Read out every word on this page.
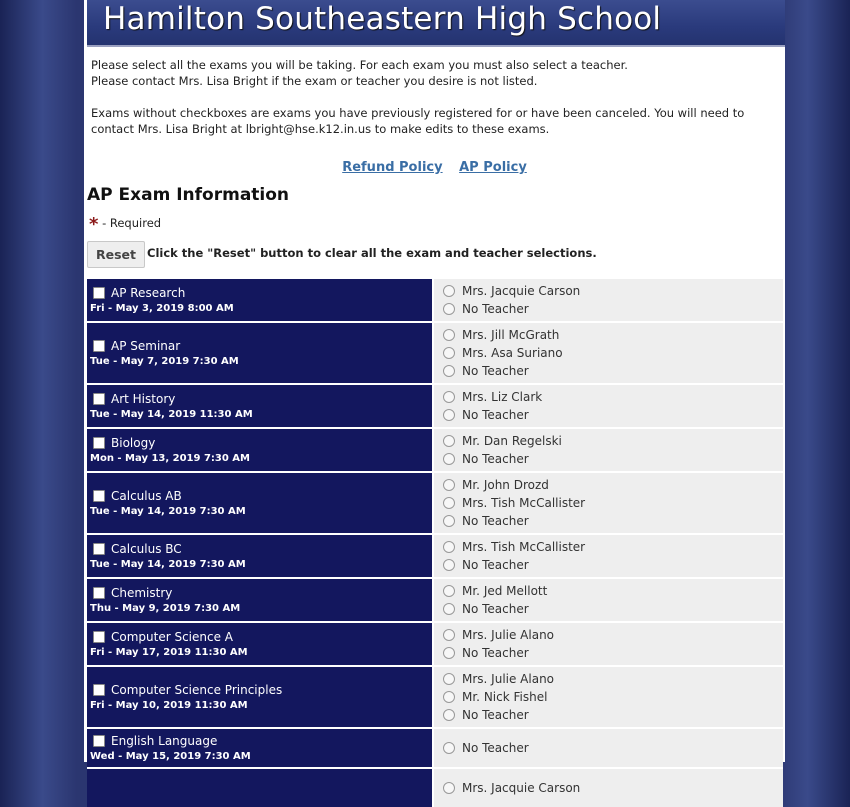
Hamilton Southeastern High School

Please select all the exams you will be taking. For each exam you must also select a teacher.

Please contact Mrs. Lisa Bright if the exam or teacher you desire is not listed.

Exams without checkboxes are exams you have previously registered for or have been canceled. You will need to contact Mrs. Lisa Bright at lbright@hse.k12.in.us to make edits to these exams.

Refund Policy AP Policy
AP Exam Information
* - Required
Reset Click the "Reset" button to clear all the exam and teacher selections.
AP Research
Fri - May 3, 2019 8:00 AM
Mrs. Jacquie Carson
No Teacher
AP Seminar
Tue - May 7, 2019 7:30 AM
Mrs. Jill McGrath
Mrs. Asa Suriano
No Teacher
Art History
Tue - May 14, 2019 11:30 AM
Mrs. Liz Clark
No Teacher
Biology
Mon - May 13, 2019 7:30 AM
Mr. Dan Regelski
No Teacher
Calculus AB
Tue - May 14, 2019 7:30 AM
Mr. John Drozd
Mrs. Tish McCallister
No Teacher
Calculus BC
Tue - May 14, 2019 7:30 AM
Mrs. Tish McCallister
No Teacher
Chemistry
Thu - May 9, 2019 7:30 AM
Mr. Jed Mellott
No Teacher
Computer Science A
Fri - May 17, 2019 11:30 AM
Mrs. Julie Alano
No Teacher
Computer Science Principles
Fri - May 10, 2019 11:30 AM
Mrs. Julie Alano
Mr. Nick Fishel
No Teacher
English Language
Wed - May 15, 2019 7:30 AM
No Teacher
Mrs. Jacquie Carson
